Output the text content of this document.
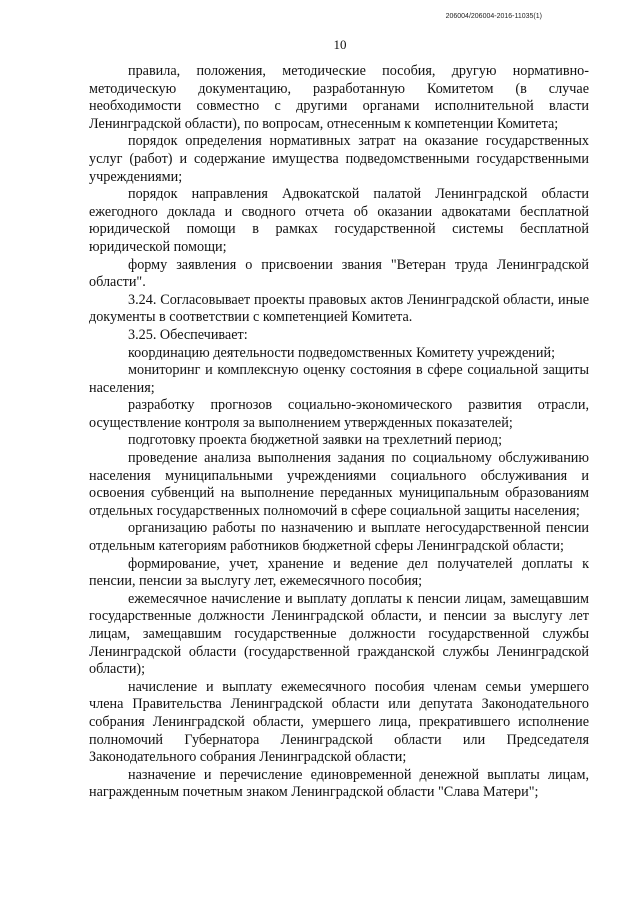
206004/206004-2016-11035(1)
10

правила, положения, методические пособия, другую нормативно-методическую документацию, разработанную Комитетом (в случае необходимости совместно с другими органами исполнительной власти Ленинградской области), по вопросам, отнесенным к компетенции Комитета;

порядок определения нормативных затрат на оказание государственных услуг (работ) и содержание имущества подведомственными государственными учреждениями;

порядок направления Адвокатской палатой Ленинградской области ежегодного доклада и сводного отчета об оказании адвокатами бесплатной юридической помощи в рамках государственной системы бесплатной юридической помощи;

форму заявления о присвоении звания "Ветеран труда Ленинградской области".

3.24. Согласовывает проекты правовых актов Ленинградской области, иные документы в соответствии с компетенцией Комитета.

3.25. Обеспечивает:

координацию деятельности подведомственных Комитету учреждений;

мониторинг и комплексную оценку состояния в сфере социальной защиты населения;

разработку прогнозов социально-экономического развития отрасли, осуществление контроля за выполнением утвержденных показателей;

подготовку проекта бюджетной заявки на трехлетний период;

проведение анализа выполнения задания по социальному обслуживанию населения муниципальными учреждениями социального обслуживания и освоения субвенций на выполнение переданных муниципальным образованиям отдельных государственных полномочий в сфере социальной защиты населения;

организацию работы по назначению и выплате негосударственной пенсии отдельным категориям работников бюджетной сферы Ленинградской области;

формирование, учет, хранение и ведение дел получателей доплаты к пенсии, пенсии за выслугу лет, ежемесячного пособия;

ежемесячное начисление и выплату доплаты к пенсии лицам, замещавшим государственные должности Ленинградской области, и пенсии за выслугу лет лицам, замещавшим государственные должности государственной службы Ленинградской области (государственной гражданской службы Ленинградской области);

начисление и выплату ежемесячного пособия членам семьи умершего члена Правительства Ленинградской области или депутата Законодательного собрания Ленинградской области, умершего лица, прекратившего исполнение полномочий Губернатора Ленинградской области или Председателя Законодательного собрания Ленинградской области;

назначение и перечисление единовременной денежной выплаты лицам, награжденным почетным знаком Ленинградской области "Слава Матери";
